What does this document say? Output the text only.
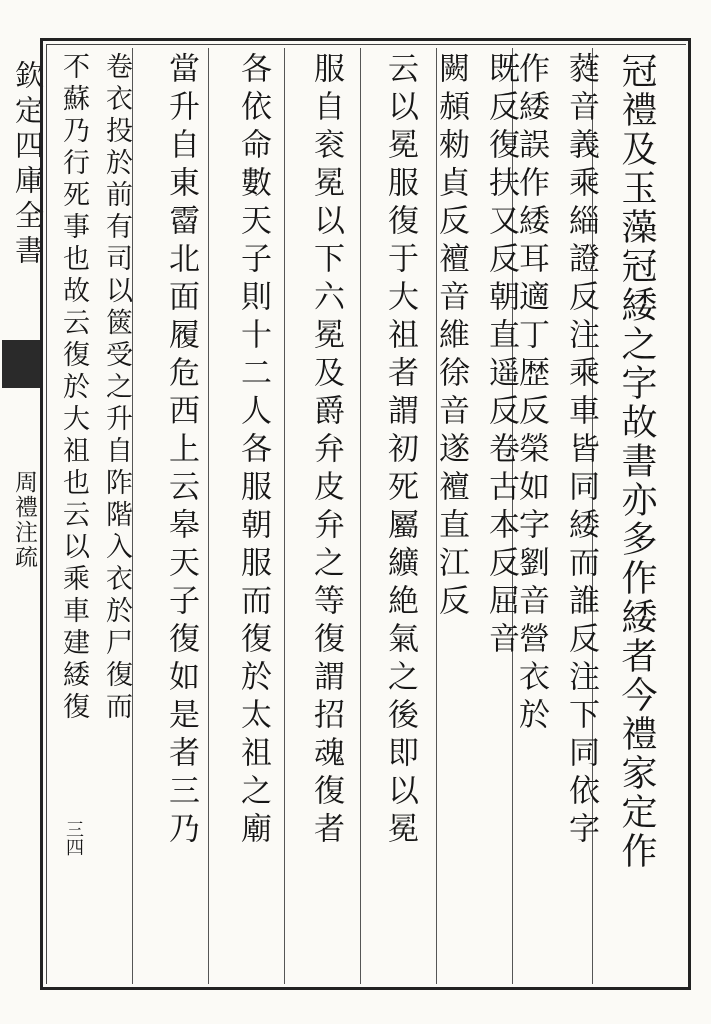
欽定四庫全書
周禮注疏
三四	冠禮及玉藻冠緌之字故書亦多作緌者今禮家定作
蕤音義乘緇證反注乘車皆同緌而誰反注下同依字
作緌誤作緌耳適丁歴反榮如字劉音營衣於
既反復扶又反朝直遥反卷古本反屈音
闕頳勑貞反襢音維徐音遂襢直江反
云以冕服復于大祖者謂初死屬纊絶氣之後即以冕
服自衮冕以下六冕及爵弁皮弁之等復謂招魂復者
各依命數天子則十二人各服朝服而復於太祖之廟
當升自東霤北面履危西上云皋天子復如是者三乃
卷衣投於前有司以篋受之升自阼階入衣於尸復而
不蘇乃行死事也故云復於大祖也云以乘車建緌復
